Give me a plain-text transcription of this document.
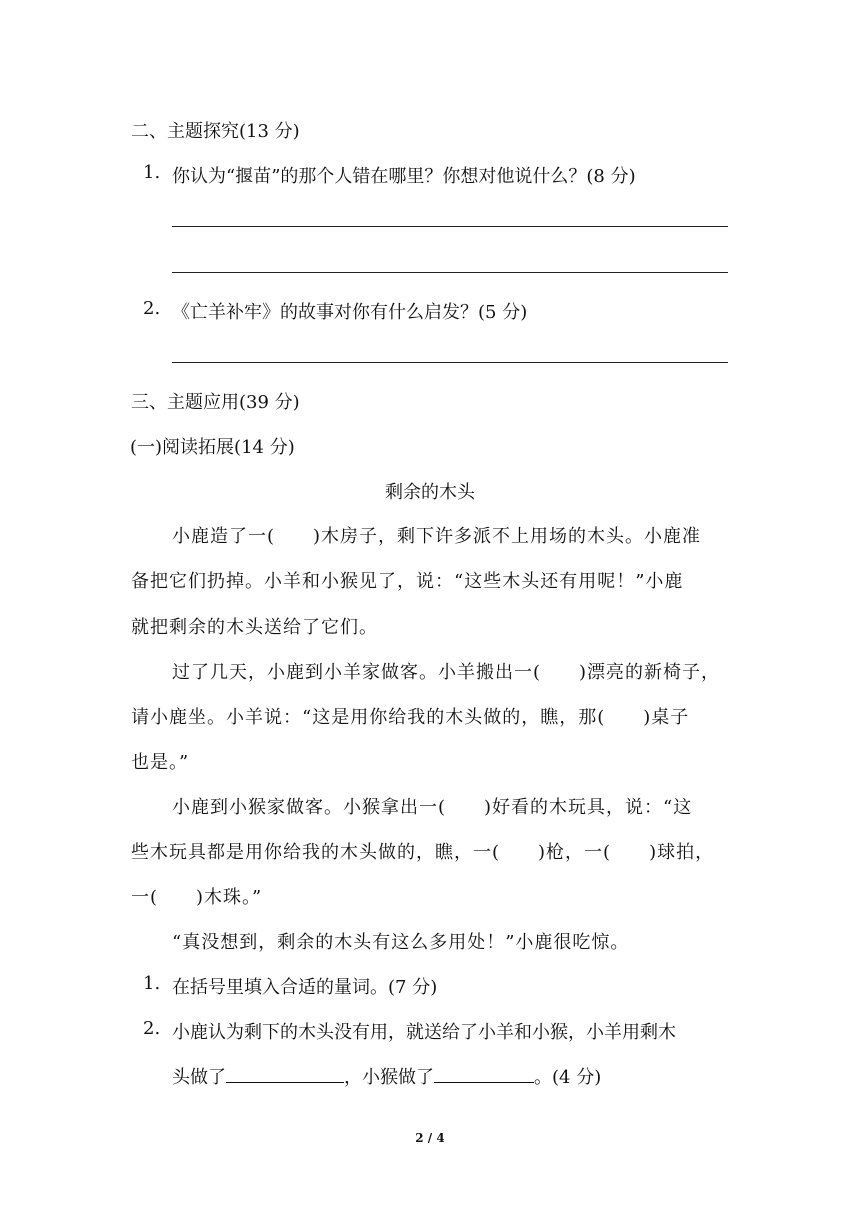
二、主题探究(13 分)
1. 你认为“揠苗”的那个人错在哪里？你想对他说什么？(8 分)
2. 《亡羊补牢》的故事对你有什么启发？(5 分)
三、主题应用(39 分)
(一)阅读拓展(14 分)
剩余的木头
小鹿造了一(　　)木房子，剩下许多派不上用场的木头。小鹿准
备把它们扔掉。小羊和小猴见了，说：“这些木头还有用呢！”小鹿
就把剩余的木头送给了它们。
过了几天，小鹿到小羊家做客。小羊搬出一(　　)漂亮的新椅子，
请小鹿坐。小羊说：“这是用你给我的木头做的，瞧，那(　　)桌子
也是。”
小鹿到小猴家做客。小猴拿出一(　　)好看的木玩具，说：“这
些木玩具都是用你给我的木头做的，瞧，一(　　)枪，一(　　)球拍，
一(　　)木珠。”
“真没想到，剩余的木头有这么多用处！”小鹿很吃惊。
1. 在括号里填入合适的量词。(7 分)
2. 小鹿认为剩下的木头没有用，就送给了小羊和小猴，小羊用剩木
头做了	，小猴做了	。(4 分)
2 / 4
